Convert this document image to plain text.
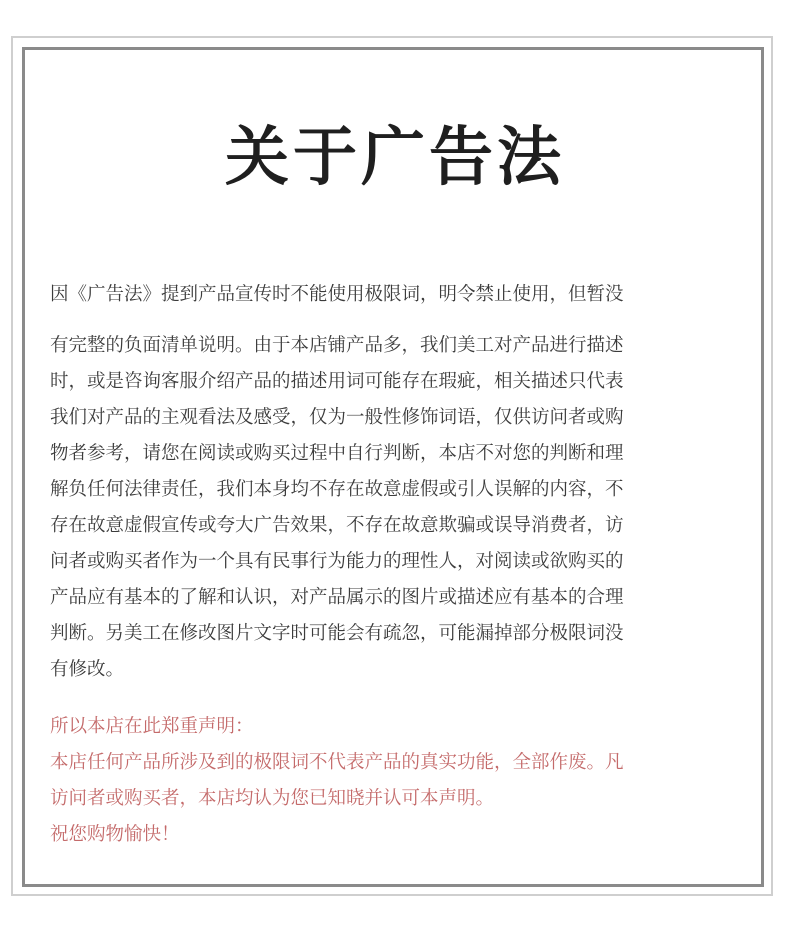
关于广告法
因《广告法》提到产品宣传时不能使用极限词，明令禁止使用，但暂没
有完整的负面清单说明。由于本店铺产品多，我们美工对产品进行描述
时，或是咨询客服介绍产品的描述用词可能存在瑕疵，相关描述只代表
我们对产品的主观看法及感受，仅为一般性修饰词语，仅供访问者或购
物者参考，请您在阅读或购买过程中自行判断，本店不对您的判断和理
解负任何法律责任，我们本身均不存在故意虚假或引人误解的内容，不
存在故意虚假宣传或夸大广告效果，不存在故意欺骗或误导消费者，访
问者或购买者作为一个具有民事行为能力的理性人，对阅读或欲购买的
产品应有基本的了解和认识，对产品属示的图片或描述应有基本的合理
判断。另美工在修改图片文字时可能会有疏忽，可能漏掉部分极限词没
有修改。
所以本店在此郑重声明：
本店任何产品所涉及到的极限词不代表产品的真实功能，全部作废。凡
访问者或购买者，本店均认为您已知晓并认可本声明。
祝您购物愉快！
